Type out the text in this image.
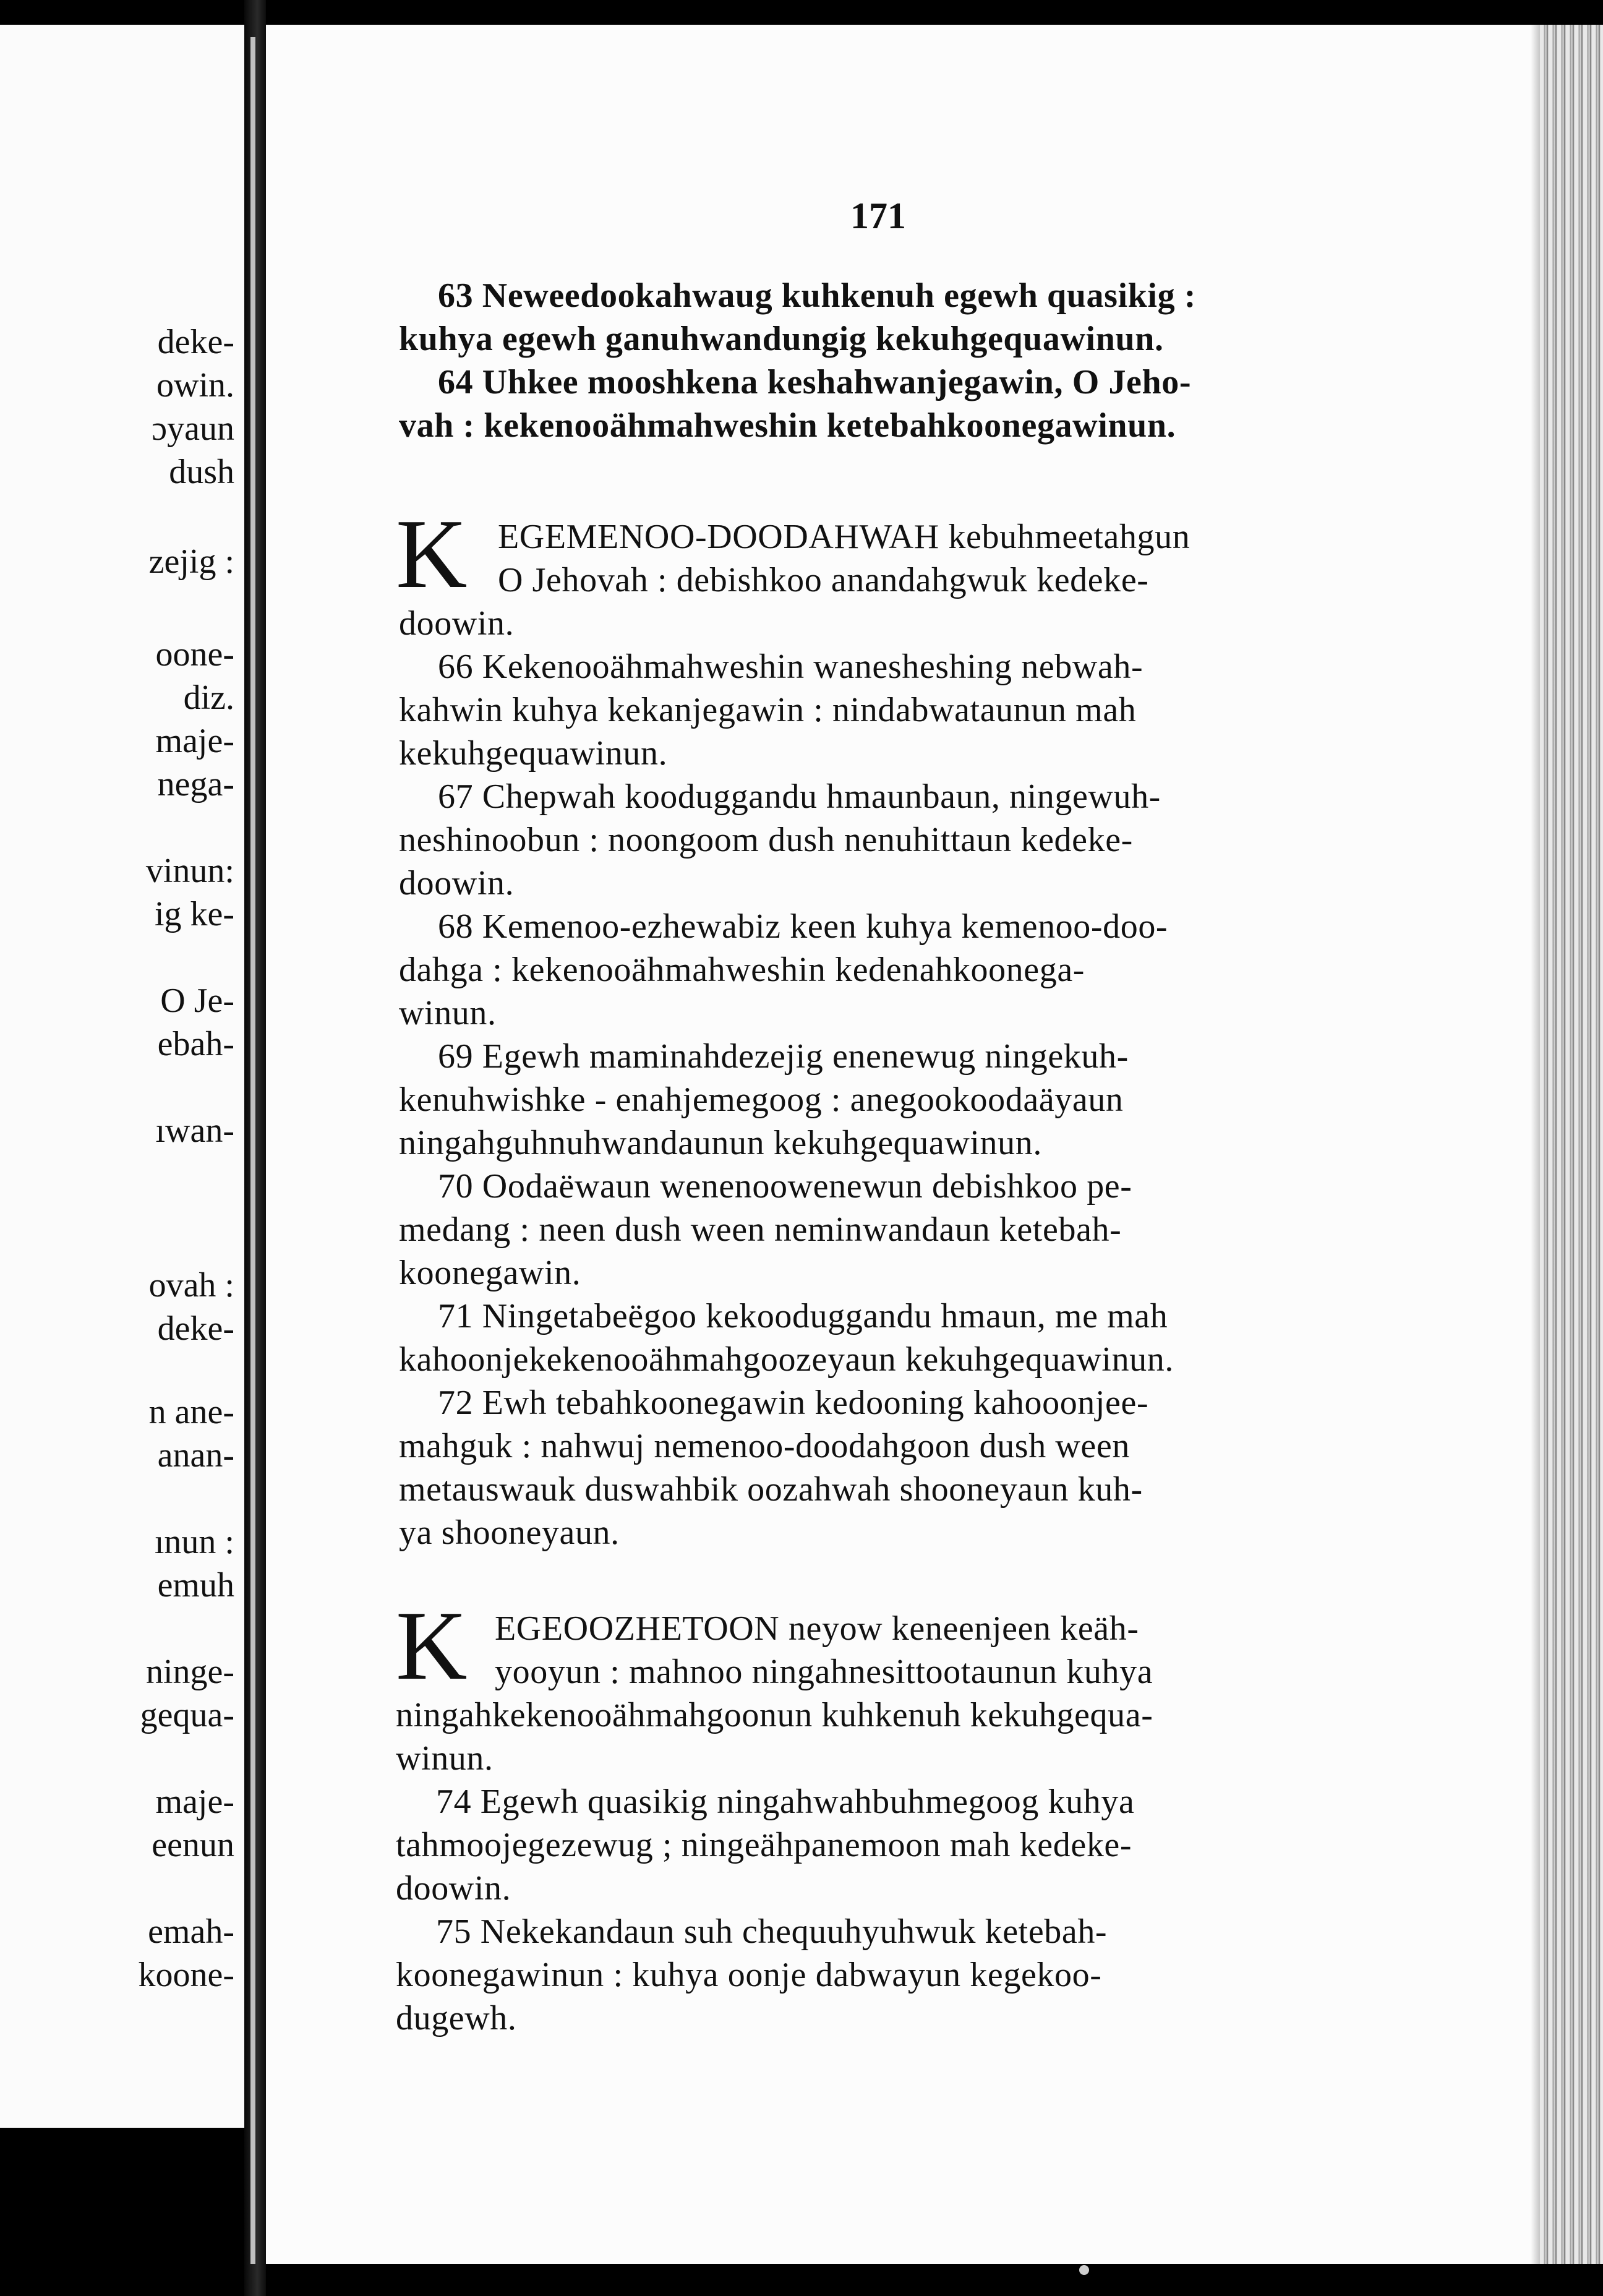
deke-
owin.
ɔyaun
dush
zejig :
oone-
diz.
maje-
nega-
vinun:
ig ke-
O Je-
ebah-
ıwan-
ovah :
deke-
n ane-
anan-
ınun :
emuh
ninge-
gequa-
maje-
eenun
emah-
koone-
171
63 Neweedookahwaug kuhkenuh egewh quasikig :
kuhya egewh ganuhwandungig kekuhgequawinun.
64 Uhkee mooshkena keshahwanjegawin, O Jeho-
vah : kekenooähmahweshin ketebahkoonegawinun.
K EGEMENOO-DOODAHWAH kebuhmeetahgun
O Jehovah : debishkoo anandahgwuk kedeke-
doowin.
66 Kekenooähmahweshin wanesheshing nebwah-
kahwin kuhya kekanjegawin : nindabwataunun mah
kekuhgequawinun.
67 Chepwah kooduggandu hmaunbaun, ningewuh-
neshinoobun : noongoom dush nenuhittaun kedeke-
doowin.
68 Kemenoo-ezhewabiz keen kuhya kemenoo-doo-
dahga : kekenooähmahweshin kedenahkoonega-
winun.
69 Egewh maminahdezejig enenewug ningekuh-
kenuhwishke - enahjemegoog : anegookoodaäyaun
ningahguhnuhwandaunun kekuhgequawinun.
70 Oodaëwaun wenenoowenewun debishkoo pe-
medang : neen dush ween neminwandaun ketebah-
koonegawin.
71 Ningetabeëgoo kekooduggandu hmaun, me mah
kahoonjekekenooähmahgoozeyaun kekuhgequawinun.
72 Ewh tebahkoonegawin kedooning kahooonjee-
mahguk : nahwuj nemenoo-doodahgoon dush ween
metauswauk duswahbik oozahwah shooneyaun kuh-
ya shooneyaun.
K EGEOOZHETOON neyow keneenjeen keäh-
yooyun : mahnoo ningahnesittootaunun kuhya
ningahkekenooähmahgoonun kuhkenuh kekuhgequa-
winun.
74 Egewh quasikig ningahwahbuhmegoog kuhya
tahmoojegezewug ; ningeähpanemoon mah kedeke-
doowin.
75 Nekekandaun suh chequuhyuhwuk ketebah-
koonegawinun : kuhya oonje dabwayun kegekoo-
dugewh.
